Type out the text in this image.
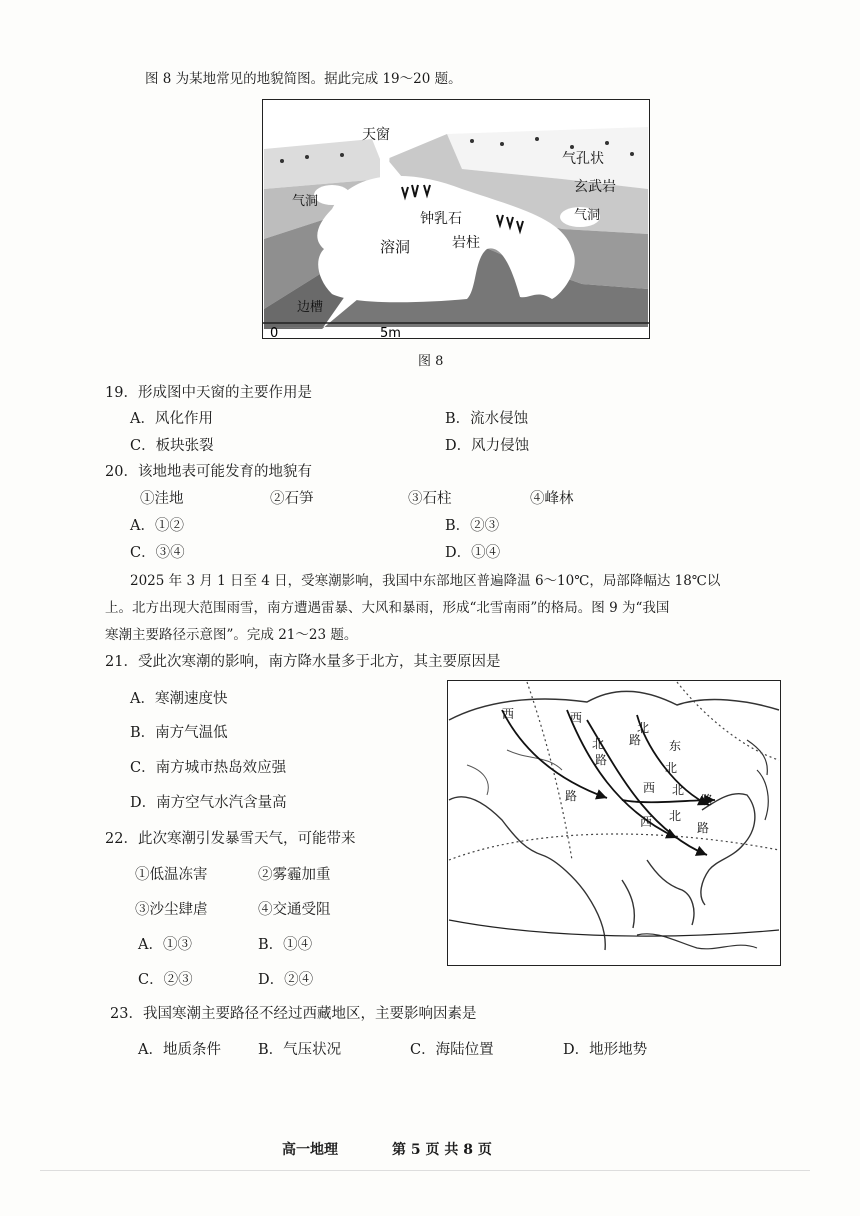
图 8 为某地常见的地貌简图。据此完成 19～20 题。
0	5m
天窗
气孔状
玄武岩
气洞
气洞
钟乳石
溶洞	岩柱
边槽
图 8
19．形成图中天窗的主要作用是
A．风化作用	B．流水侵蚀
C．板块张裂	D．风力侵蚀
20．该地地表可能发育的地貌有
①洼地	②石笋	③石柱	④峰林
A．①②	B．②③
C．③④	D．①④
2025 年 3 月 1 日至 4 日，受寒潮影响，我国中东部地区普遍降温 6～10℃，局部降幅达 18℃以
上。北方出现大范围雨雪，南方遭遇雷暴、大风和暴雨，形成“北雪南雨”的格局。图 9 为“我国
寒潮主要路径示意图”。完成 21～23 题。
21．受此次寒潮的影响，南方降水量多于北方，其主要原因是
A．寒潮速度快
B．南方气温低
C．南方城市热岛效应强
D．南方空气水汽含量高
西
路
西
北
路
北
路 东
北
西 北
路
西 北
路
22．此次寒潮引发暴雪天气，可能带来
①低温冻害	②雾霾加重
③沙尘肆虐	④交通受阻
A．①③	B．①④
C．②③	D．②④
23．我国寒潮主要路径不经过西藏地区，主要影响因素是
A．地质条件	B．气压状况	C．海陆位置	D．地形地势
高一地理	第 5 页 共 8 页
